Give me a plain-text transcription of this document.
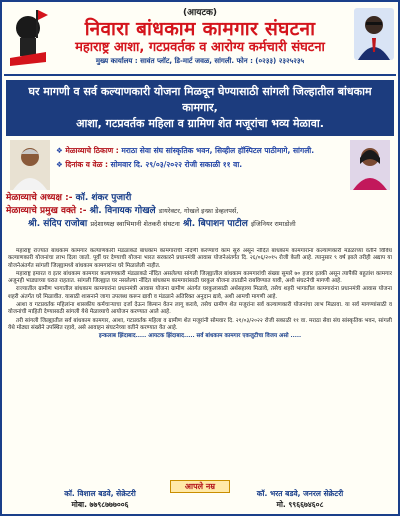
(आयटक)
निवारा बांधकाम कामगार संघटना
महाराष्ट्र आशा, गटप्रवर्तक व आरोग्य कर्मचारी संघटना
मुख्य कार्यालय : सावंत प्लॉट, डि-मार्ट जवळ, सांगली. फोन : (०२३३) २३२५२३५
घर मागणी व सर्व कल्याणकारी योजना मिळवून घेण्यासाठी सांगली जिल्हातील बांधकाम कामगार,
आशा, गटप्रवर्तक महिला व ग्रामिण शेत मजूरांचा भव्य मेळावा.
❖ मेळाव्याचे ठिकाण : मराठा सेवा संघ सांस्कृतिक भवन, सिव्हील हॉस्पिटल पाठीमागे, सांगली.
❖ दिनांक व वेळ : सोमवार दि. २९/०३/२०२२ रोजी सकाळी ११ वा.
मेळाव्याचे अध्यक्ष :- कॉ. शंकर पुजारी
मेळाव्याचे प्रमुख वक्ते :- श्री. विनायक गोखले डायरेक्टर, गोखले इन्फ्रा डेव्हलपर्स,
श्री. संदिप राजोबा प्रदेशाध्यक्ष स्वाभिमानी शेतकरी संघटना श्री. बिपाशन पाटील इंजिनियर रामाडोली

महाराष्ट्र राज्यात बांधकाम कामगार कल्याणकारी मंडळाकडे बांधकाम कामगारांची नोंदणी करण्याचे काम सुरु असून नोंदित बांधकाम कामगारांना कल्याणकारी मंडळाच्या वतीने विविध कल्याणकारी योजनांचा लाभ दिला जातो. पूर्वी घर देण्याची योजना भारत सरकारने प्रधानमंत्री आवास योजनेअंतर्गत दि. २६/०६/२०१५ रोजी केली आहे. त्यानुसार ९ वर्ष झाले तरीही अद्याप या योजनेअंतर्गत सांगली जिल्ह्यामध्ये बांधकाम कामगारांना घरे मिळालेली नाहीत.

महाराष्ट्र इमारत व इतर बांधकाम कामगार कल्याणकारी मंडळाकडे नोंदित असलेल्या सांगली जिल्ह्यातील बांधकाम कामगारांची संख्या सुमारे ७० हजार इतकी असून त्यापैकी बहुतांश कामगार अजूनही भाड्याच्या घरात राहतात. सांगली जिल्ह्यात घर नसलेल्या नोंदित बांधकाम कामगारांसाठी घरकुल योजना तातडीने राबविण्यात यावी, अशी संघटनेची मागणी आहे.

राज्यातील ग्रामीण भागातील बांधकाम कामगारांना प्रधानमंत्री आवास योजना ग्रामीण अंतर्गत घरकुलासाठी अर्थसहाय्य मिळावे, तसेच शहरी भागातील कामगारांना प्रधानमंत्री आवास योजना शहरी अंतर्गत घरे मिळावीत. यासाठी शासनाने जागा उपलब्ध करून द्यावी व मंडळाने अतिरिक्त अनुदान द्यावे, अशी आमची मागणी आहे.

आशा व गटप्रवर्तक महिलांना शासकीय कर्मचाऱ्याचा दर्जा देऊन किमान वेतन लागू करावे, तसेच ग्रामीण शेत मजूरांना सर्व कल्याणकारी योजनांचा लाभ मिळावा. या सर्व मागण्यांसाठी व योजनांची माहिती देण्यासाठी सांगली येथे मेळाव्याचे आयोजन करण्यात आले आहे.

तरी सांगली जिल्ह्यातील सर्व बांधकाम कामगार, आशा, गटप्रवर्तक महिला व ग्रामीण शेत मजूरांनी सोमवार दि. २१/०३/२०२२ रोजी सकाळी ११ वा. मराठा सेवा संघ सांस्कृतिक भवन, सांगली येथे मोठ्या संख्येने उपस्थित रहावे, असे आवाहन संघटनेच्या वतीने करण्यात येत आहे.

इन्कलाब झिंदाबाद..... आयटक झिंदाबाद..... सर्व बांधकाम कामगार एकजुटीचा विजय असो .....

आपले नम्र
कॉ. विशाल बडवे, सेक्रेटरी
मोबा. ७७९८७७७००६
कॉ. भरत बडवे, जनरल सेक्रेटरी
मो. ९९६६७४६०८
